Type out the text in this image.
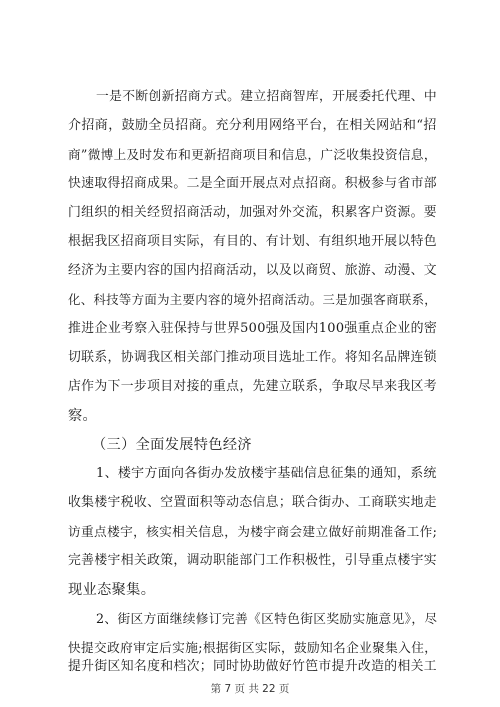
一是不断创新招商方式。建立招商智库，开展委托代理、中
介招商，鼓励全员招商。充分利用网络平台，在相关网站和“招
商”微博上及时发布和更新招商项目和信息，广泛收集投资信息，
快速取得招商成果。二是全面开展点对点招商。积极参与省市部
门组织的相关经贸招商活动，加强对外交流，积累客户资源。要
根据我区招商项目实际，有目的、有计划、有组织地开展以特色
经济为主要内容的国内招商活动，以及以商贸、旅游、动漫、文
化、科技等方面为主要内容的境外招商活动。三是加强客商联系，
推进企业考察入驻保持与世界500强及国内100强重点企业的密
切联系，协调我区相关部门推动项目选址工作。将知名品牌连锁
店作为下一步项目对接的重点，先建立联系，争取尽早来我区考
察。
（三）全面发展特色经济
1、楼宇方面向各街办发放楼宇基础信息征集的通知，系统
收集楼宇税收、空置面积等动态信息；联合街办、工商联实地走
访重点楼宇，核实相关信息，为楼宇商会建立做好前期准备工作;
完善楼宇相关政策，调动职能部门工作积极性，引导重点楼宇实
现业态聚集。
2、街区方面继续修订完善《区特色街区奖励实施意见》，尽
快提交政府审定后实施;根据街区实际，鼓励知名企业聚集入住，
提升街区知名度和档次；同时协助做好竹笆市提升改造的相关工
第 7 页 共 22 页
